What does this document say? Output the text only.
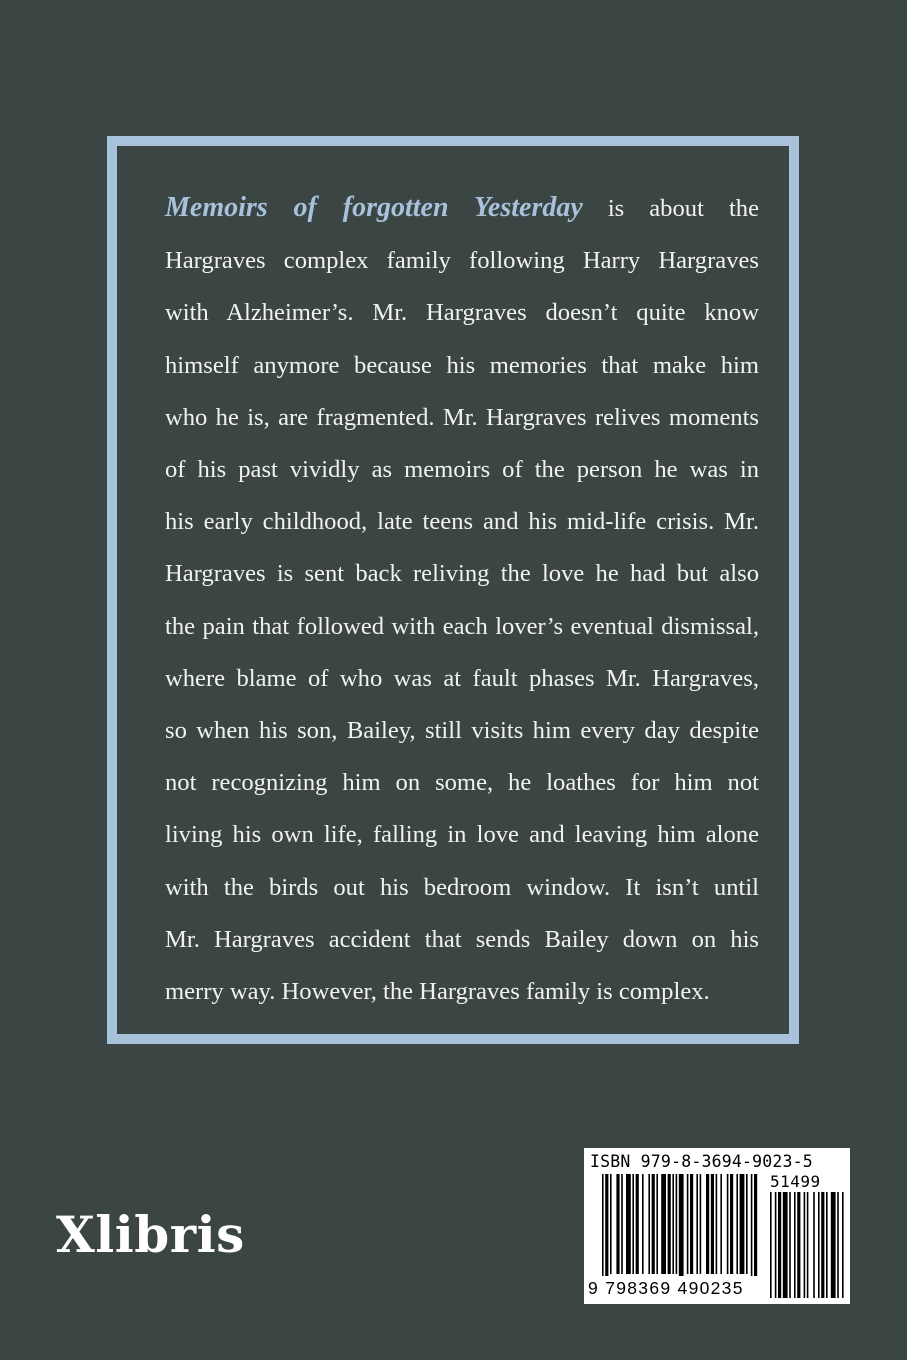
Memoirs of forgotten Yesterday is about the
Hargraves complex family following Harry Hargraves
with Alzheimer’s. Mr. Hargraves doesn’t quite know
himself anymore because his memories that make him
who he is, are fragmented. Mr. Hargraves relives moments
of his past vividly as memoirs of the person he was in
his early childhood, late teens and his mid-life crisis. Mr.
Hargraves is sent back reliving the love he had but also
the pain that followed with each lover’s eventual dismissal,
where blame of who was at fault phases Mr. Hargraves,
so when his son, Bailey, still visits him every day despite
not recognizing him on some, he loathes for him not
living his own life, falling in love and leaving him alone
with the birds out his bedroom window. It isn’t until
Mr. Hargraves accident that sends Bailey down on his
merry way. However, the Hargraves family is complex.
Xlibris
ISBN 979-8-3694-9023-5
51499
9 798369 490235
